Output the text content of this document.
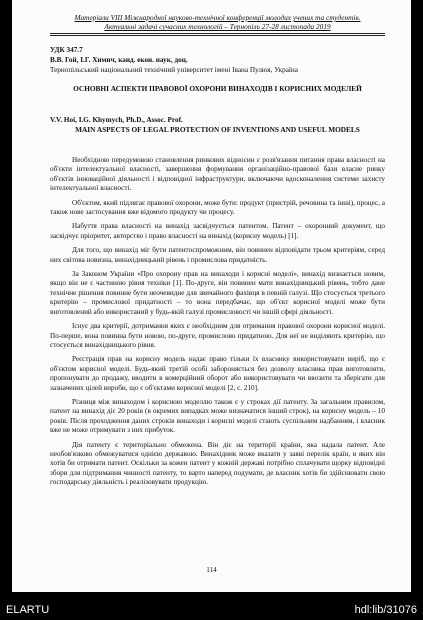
Матеріали VIII Міжнародної науково-технічної конференції молодих учених та студентів.
Актуальні задачі сучасних технологій – Тернопіль 27-28 листопада 2019
УДК 347.7
В.В. Гой, І.Г. Химич, канд. екон. наук, доц.
Тернопільський національний технічний університет імені Івана Пулюя, Україна
ОСНОВНІ АСПЕКТИ ПРАВОВОЇ ОХОРОНИ ВИНАХОДІВ І КОРИСНИХ МОДЕЛЕЙ
V.V. Hoi, I.G. Khymych, Ph.D., Assoc. Prof.
MAIN ASPECTS OF LEGAL PROTECTION OF INVENTIONS AND USEFUL MODELS

Необхідною передумовою становлення ринкових відносин є розв'язання питання права власності на об'єкти інтелектуальної власності, завершення формування організаційно-правової бази власне ринку об'єктів інноваційної діяльності і відповідної інфраструктури, включаючи вдосконалення системи захисту інтелектуальної власності.

Об'єктом, який підлягає правової охорони, може бути: продукт (пристрій, речовина та інші), процес, а також нове застосування вже відомого продукту чи процесу.

Набуття права власності на винахід засвідчується патентом. Патент – охоронний документ, що засвідчує пріоритет, авторство і право власності на винахід (корисну модель) [1].

Для того, що винахід міг бути патентоспроможним, він повинен відповідати трьом критеріям, серед них світова новизна, винахідницький рівень і промислова придатність.

За Законом України «Про охорону прав на винаходи і корисні моделі», винахід визнається новим, якщо він не є частиною рівня техніки [1]. По-друге, він повинен мати винахідницький рівень, тобто дане технічне рішення повинне бути неочевидне для звичайного фахівця в певній галузі. Що стосується третього критерію – промислової придатності – то вона передбачає, що об'єкт корисної моделі може бути виготовлений або використаний у будь-якій галузі промисловості чи іншій сфері діяльності.

Існує два критерії, дотримання яких є необхідним для отримання правової охорони корисної моделі. По-перше, вона повинна бути новою, по-друге, промислово придатною. Для неї не виділяють критерію, що стосується винахідницького рівня.

Реєстрація прав на корисну модель надає право тільки їх власнику використовувати виріб, що є об'єктом корисної моделі. Будь-який третій особі забороняється без дозволу власника прав виготовляти, пропонувати до продажу, вводити в комерційний оборот або використовувати чи ввозити та зберігати для зазначених цілей вироби, що є об'єктами корисної моделі [2, с. 210].

Різниця між винаходом і корисною моделлю також є у строках дії патенту. За загальним правилом, патент на винахід діє 20 років (в окремих випадках може визначатися інший строк), на корисну модель – 10 років. Після проходження даних строків винаходи і корисні моделі стають суспільним надбанням, і власник вже не може отримувати з них прибуток.

Дія патенту є територіально обмежена. Він діє на території країни, яка надала патент. Але необов'язково обмежуватися однією державою. Винахідник може вказати у заяві перелік країн, в яких він хотів би отримати патент. Оскільки за кожен патент у кожній державі потрібно сплачувати щорку відповідні збори для підтримання чинності патенту, то варто наперед подумати, де власник хотів би здійснювати свою господарську діяльність і реалізовувати продукцію.

114
ELARTU	hdl:lib/31076
